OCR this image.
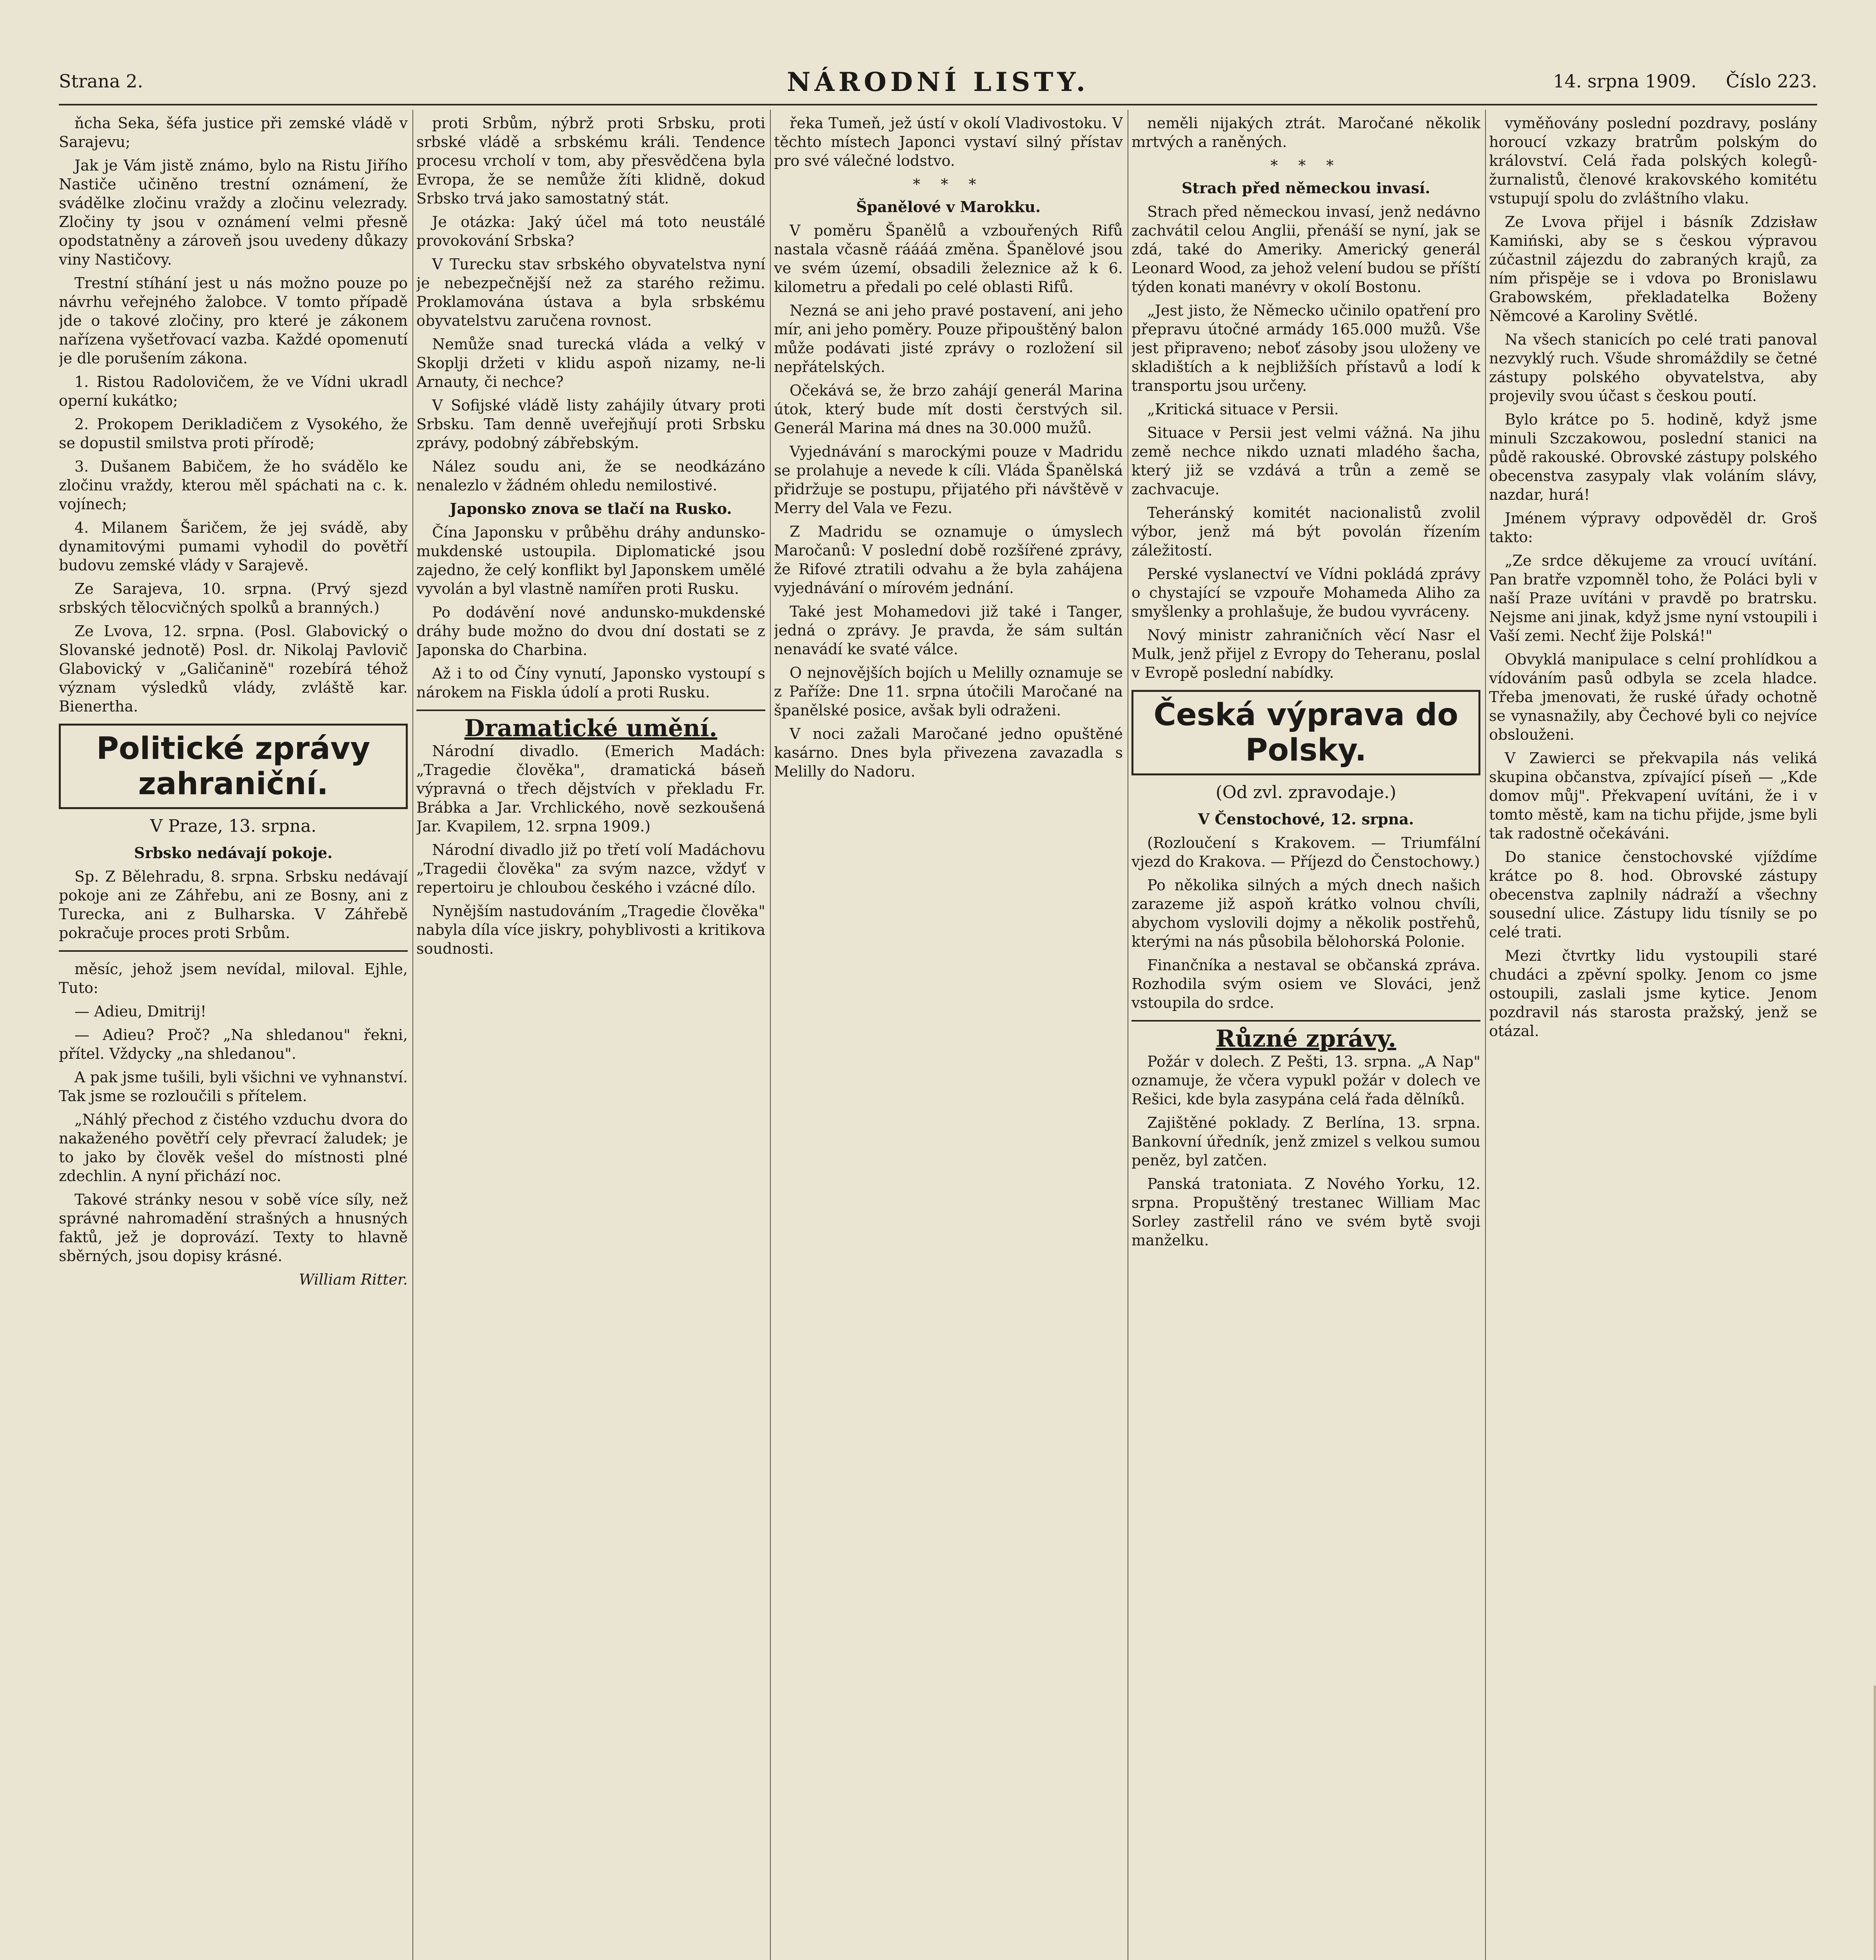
Strana 2.	NÁRODNÍ LISTY.	14. srpna 1909. Číslo 223.

ňcha Seka, šéfa justice při zemské vládě v Sarajevu;

Jak je Vám jistě známo, bylo na Ristu Jiřího Nastiče učiněno trestní oznámení, že svádělke zločinu vraždy a zločinu velezrady. Zločiny ty jsou v oznámení velmi přesně opodstatněny a zároveň jsou uvedeny důkazy viny Nastičovy.

Trestní stíhání jest u nás možno pouze po návrhu veřejného žalobce. V tomto případě jde o takové zločiny, pro které je zákonem nařízena vyšetřovací vazba. Každé opomenutí je dle porušením zákona.

1. Ristou Radolovičem, že ve Vídni ukradl operní kukátko;

2. Prokopem Derikladičem z Vysokého, že se dopustil smilstva proti přírodě;

3. Dušanem Babičem, že ho svádělo ke zločinu vraždy, kterou měl spáchati na c. k. vojínech;

4. Milanem Šaričem, že jej svádě, aby dynamitovými pumami vyhodil do povětří budovu zemské vlády v Sarajevě.

Ze Sarajeva, 10. srpna. (Prvý sjezd srbských tělocvičných spolků a branných.)

Ze Lvova, 12. srpna. (Posl. Glabovický o Slovanské jednotě) Posl. dr. Nikolaj Pavlovič Glabovický v „Galičanině" rozebírá téhož význam výsledků vlády, zvláště kar. Bienertha.

Politické zprávy zahraniční.
V Praze, 13. srpna.

Srbsko nedávají pokoje.

Sp. Z Bělehradu, 8. srpna. Srbsku nedávají pokoje ani ze Záhřebu, ani ze Bosny, ani z Turecka, ani z Bulharska. V Záhřebě pokračuje proces proti Srbům.

měsíc, jehož jsem nevídal, miloval. Ejhle, Tuto:

— Adieu, Dmitrij!

— Adieu? Proč? „Na shledanou" řekni, přítel. Vždycky „na shledanou".

A pak jsme tušili, byli všichni ve vyhnanství. Tak jsme se rozloučili s přítelem.

„Náhlý přechod z čistého vzduchu dvora do nakaženého povětří cely převrací žaludek; je to jako by člověk vešel do místnosti plné zdechlin. A nyní přichází noc.

Takové stránky nesou v sobě více síly, než správné nahromadění strašných a hnusných faktů, jež je doprovází. Texty to hlavně sběrných, jsou dopisy krásné.

William Ritter.

proti Srbům, nýbrž proti Srbsku, proti srbské vládě a srbskému králi. Tendence procesu vrcholí v tom, aby přesvědčena byla Evropa, že se nemůže žíti klidně, dokud Srbsko trvá jako samostatný stát.

Je otázka: Jaký účel má toto neustálé provokování Srbska?

V Turecku stav srbského obyvatelstva nyní je nebezpečnější než za starého režimu. Proklamována ústava a byla srbskému obyvatelstvu zaručena rovnost.

Nemůže snad turecká vláda a velký v Skoplji držeti v klidu aspoň nizamy, ne-li Arnauty, či nechce?

V Sofijské vládě listy zahájily útvary proti Srbsku. Tam denně uveřejňují proti Srbsku zprávy, podobný zábřebským.

Nález soudu ani, že se neodkázáno nenalezlo v žádném ohledu nemilostivé.

Japonsko znova se tlačí na Rusko.

Čína Japonsku v průběhu dráhy andunsko-mukdenské ustoupila. Diplomatické jsou zajedno, že celý konflikt byl Japonskem umělé vyvolán a byl vlastně namířen proti Rusku.

Po dodávění nové andunsko-mukdenské dráhy bude možno do dvou dní dostati se z Japonska do Charbina.

Až i to od Číny vynutí, Japonsko vystoupí s nárokem na Fiskla údolí a proti Rusku.

Dramatické umění.

Národní divadlo. (Emerich Madách: „Tragedie člověka", dramatická báseň výpravná o třech dějstvích v překladu Fr. Brábka a Jar. Vrchlického, nově sezkoušená Jar. Kvapilem, 12. srpna 1909.)

Národní divadlo již po třetí volí Madáchovu „Tragedii člověka" za svým nazce, vždyť v repertoiru je chloubou českého i vzácné dílo.

Nynějším nastudováním „Tragedie člověka" nabyla díla více jiskry, pohyblivosti a kritikova soudnosti.

řeka Tumeň, jež ústí v okolí Vladivostoku. V těchto místech Japonci vystaví silný přístav pro své válečné lodstvo.

* * *

Španělové v Marokku.

V poměru Španělů a vzbouřených Rifů nastala včasně ráááá změna. Španělové jsou ve svém území, obsadili železnice až k 6. kilometru a předali po celé oblasti Rifů.

Nezná se ani jeho pravé postavení, ani jeho mír, ani jeho poměry. Pouze připouštěný balon může podávati jisté zprávy o rozložení sil nepřátelských.

Očekává se, že brzo zahájí generál Marina útok, který bude mít dosti čerstvých sil. Generál Marina má dnes na 30.000 mužů.

Vyjednávání s marockými pouze v Madridu se prolahuje a nevede k cíli. Vláda Španělská přidržuje se postupu, přijatého při návštěvě v Merry del Vala ve Fezu.

Z Madridu se oznamuje o úmyslech Maročanů: V poslední době rozšířené zprávy, že Rifové ztratili odvahu a že byla zahájena vyjednávání o mírovém jednání.

Také jest Mohamedovi již také i Tanger, jedná o zprávy. Je pravda, že sám sultán nenavádí ke svaté válce.

O nejnovějších bojích u Melilly oznamuje se z Paříže: Dne 11. srpna útočili Maročané na španělské posice, avšak byli odraženi.

V noci zažali Maročané jedno opuštěné kasárno. Dnes byla přivezena zavazadla s Melilly do Nadoru.

neměli nijakých ztrát. Maročané několik mrtvých a raněných.

* * *

Strach před německou invasí.

Strach před německou invasí, jenž nedávno zachvátil celou Anglii, přenáší se nyní, jak se zdá, také do Ameriky. Americký generál Leonard Wood, za jehož velení budou se příští týden konati manévry v okolí Bostonu.

„Jest jisto, že Německo učinilo opatření pro přepravu útočné armády 165.000 mužů. Vše jest připraveno; neboť zásoby jsou uloženy ve skladištích a k nejbližších přístavů a lodí k transportu jsou určeny.

„Kritická situace v Persii.

Situace v Persii jest velmi vážná. Na jihu země nechce nikdo uznati mladého šacha, který již se vzdává a trůn a země se zachvacuje.

Teheránský komitét nacionalistů zvolil výbor, jenž má být povolán řízením záležitostí.

Perské vyslanectví ve Vídni pokládá zprávy o chystající se vzpouře Mohameda Aliho za smyšlenky a prohlašuje, že budou vyvráceny.

Nový ministr zahraničních věcí Nasr el Mulk, jenž přijel z Evropy do Teheranu, poslal v Evropě poslední nabídky.

Česká výprava do Polsky.
(Od zvl. zpravodaje.)

V Čenstochové, 12. srpna.

(Rozloučení s Krakovem. — Triumfální vjezd do Krakova. — Příjezd do Čenstochowy.)

Po několika silných a mých dnech našich zarazeme již aspoň krátko volnou chvíli, abychom vyslovili dojmy a několik postřehů, kterými na nás působila bělohorská Polonie.

Finančníka a nestaval se občanská zpráva. Rozhodila svým osiem ve Slováci, jenž vstoupila do srdce.

Různé zprávy.

Požár v dolech. Z Pešti, 13. srpna. „A Nap" oznamuje, že včera vypukl požár v dolech ve Rešici, kde byla zasypána celá řada dělníků.

Zajištěné poklady. Z Berlína, 13. srpna. Bankovní úředník, jenž zmizel s velkou sumou peněz, byl zatčen.

Panská tratoniata. Z Nového Yorku, 12. srpna. Propuštěný trestanec William Mac Sorley zastřelil ráno ve svém bytě svoji manželku.

vyměňovány poslední pozdravy, poslány horoucí vzkazy bratrům polským do království. Celá řada polských kolegů-žurnalistů, členové krakovského komitétu vstupují spolu do zvláštního vlaku.

Ze Lvova přijel i básník Zdzisław Kamiński, aby se s českou výpravou zúčastnil zájezdu do zabraných krajů, za ním přispěje se i vdova po Bronislawu Grabowském, překladatelka Boženy Němcové a Karoliny Světlé.

Na všech stanicích po celé trati panoval nezvyklý ruch. Všude shromáždily se četné zástupy polského obyvatelstva, aby projevily svou účast s českou poutí.

Bylo krátce po 5. hodině, když jsme minuli Szczakowou, poslední stanici na půdě rakouské. Obrovské zástupy polského obecenstva zasypaly vlak voláním slávy, nazdar, hurá!

Jménem výpravy odpověděl dr. Groš takto:

„Ze srdce děkujeme za vroucí uvítání. Pan bratře vzpomněl toho, že Poláci byli v naší Praze uvítáni v pravdě po bratrsku. Nejsme ani jinak, když jsme nyní vstoupili i Vaší zemi. Nechť žije Polská!"

Obvyklá manipulace s celní prohlídkou a vídováním pasů odbyla se zcela hladce. Třeba jmenovati, že ruské úřady ochotně se vynasnažily, aby Čechové byli co nejvíce obslouženi.

V Zawierci se překvapila nás veliká skupina občanstva, zpívající píseň — „Kde domov můj". Překvapení uvítáni, že i v tomto městě, kam na tichu přijde, jsme byli tak radostně očekáváni.

Do stanice čenstochovské vjíždíme krátce po 8. hod. Obrovské zástupy obecenstva zaplnily nádraží a všechny sousední ulice. Zástupy lidu tísnily se po celé trati.

Mezi čtvrtky lidu vystoupili staré chudáci a zpěvní spolky. Jenom co jsme ostoupili, zaslali jsme kytice. Jenom pozdravil nás starosta pražský, jenž se otázal.
